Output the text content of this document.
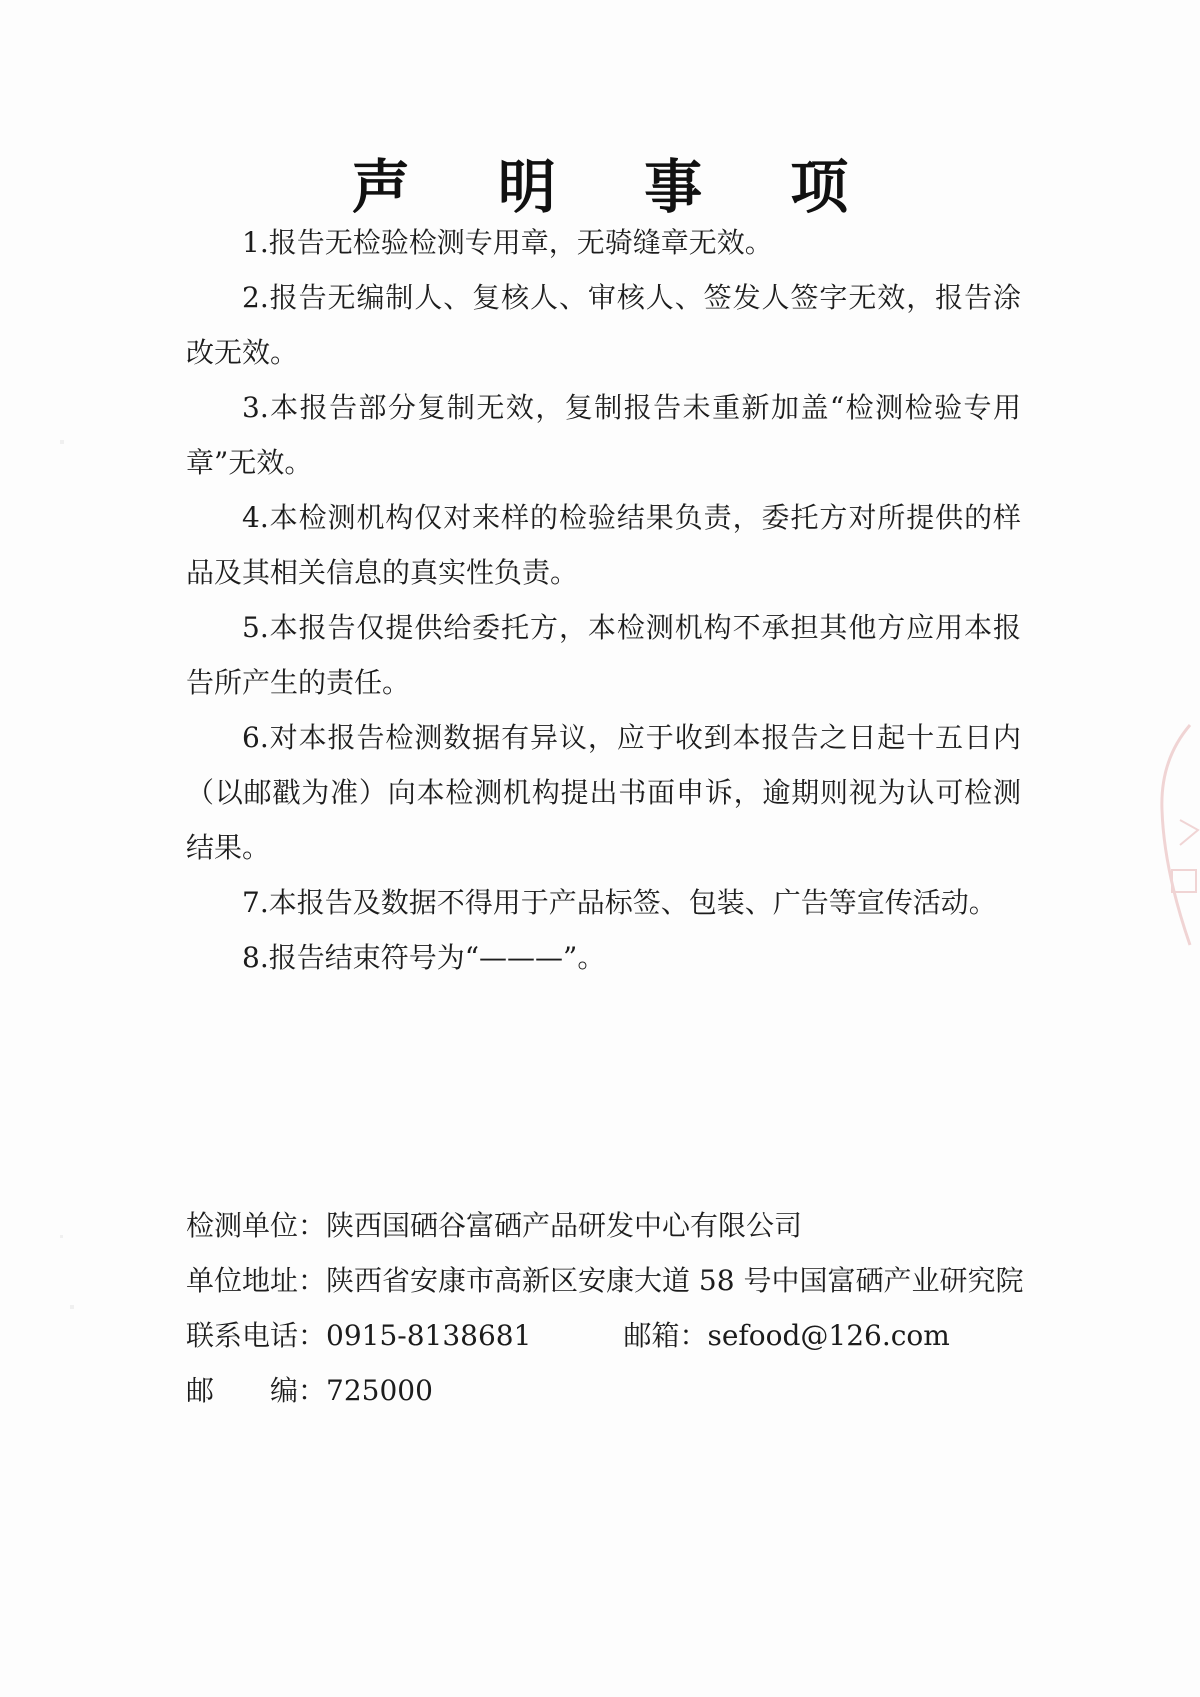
声 明 事 项

1.报告无检验检测专用章，无骑缝章无效。

2.报告无编制人、复核人、审核人、签发人签字无效，报告涂改无效。

3.本报告部分复制无效，复制报告未重新加盖“检测检验专用章”无效。

4.本检测机构仅对来样的检验结果负责，委托方对所提供的样品及其相关信息的真实性负责。

5.本报告仅提供给委托方，本检测机构不承担其他方应用本报告所产生的责任。

6.对本报告检测数据有异议，应于收到本报告之日起十五日内（以邮戳为准）向本检测机构提出书面申诉，逾期则视为认可检测结果。

7.本报告及数据不得用于产品标签、包装、广告等宣传活动。

8.报告结束符号为“———”。

检测单位：陕西国硒谷富硒产品研发中心有限公司
单位地址：陕西省安康市高新区安康大道 58 号中国富硒产业研究院
联系电话：0915-8138681	邮箱：sefood@126.com
邮 编：725000
